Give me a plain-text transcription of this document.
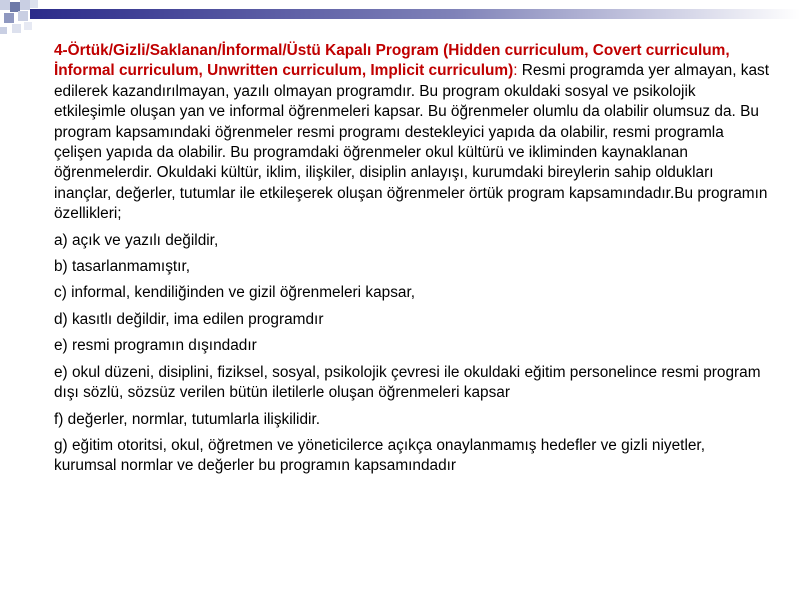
4-Örtük/Gizli/Saklanan/İnformal/Üstü Kapalı Program (Hidden curriculum, Covert curriculum, İnformal curriculum, Unwritten curriculum, Implicit curriculum): Resmi programda yer almayan, kast edilerek kazandırılmayan, yazılı olmayan programdır. Bu program okuldaki sosyal ve psikolojik etkileşimle oluşan yan ve informal öğrenmeleri kapsar. Bu öğrenmeler olumlu da olabilir olumsuz da. Bu program kapsamındaki öğrenmeler resmi programı destekleyici yapıda da olabilir, resmi programla çelişen yapıda da olabilir. Bu programdaki öğrenmeler okul kültürü ve ikliminden kaynaklanan öğrenmelerdir. Okuldaki kültür, iklim, ilişkiler, disiplin anlayışı, kurumdaki bireylerin sahip oldukları inançlar, değerler, tutumlar ile etkileşerek oluşan öğrenmeler örtük program kapsamındadır.Bu programın özellikleri;

a) açık ve yazılı değildir,

b) tasarlanmamıştır,

c) informal, kendiliğinden ve gizil öğrenmeleri kapsar,

d) kasıtlı değildir, ima edilen programdır

e) resmi programın dışındadır

e) okul düzeni, disiplini, fiziksel, sosyal, psikolojik çevresi ile okuldaki eğitim personelince resmi program dışı sözlü, sözsüz verilen bütün iletilerle oluşan öğrenmeleri kapsar

f) değerler, normlar, tutumlarla ilişkilidir.

g) eğitim otoritsi, okul, öğretmen ve yöneticilerce açıkça onaylanmamış hedefler ve gizli niyetler, kurumsal normlar ve değerler bu programın kapsamındadır
